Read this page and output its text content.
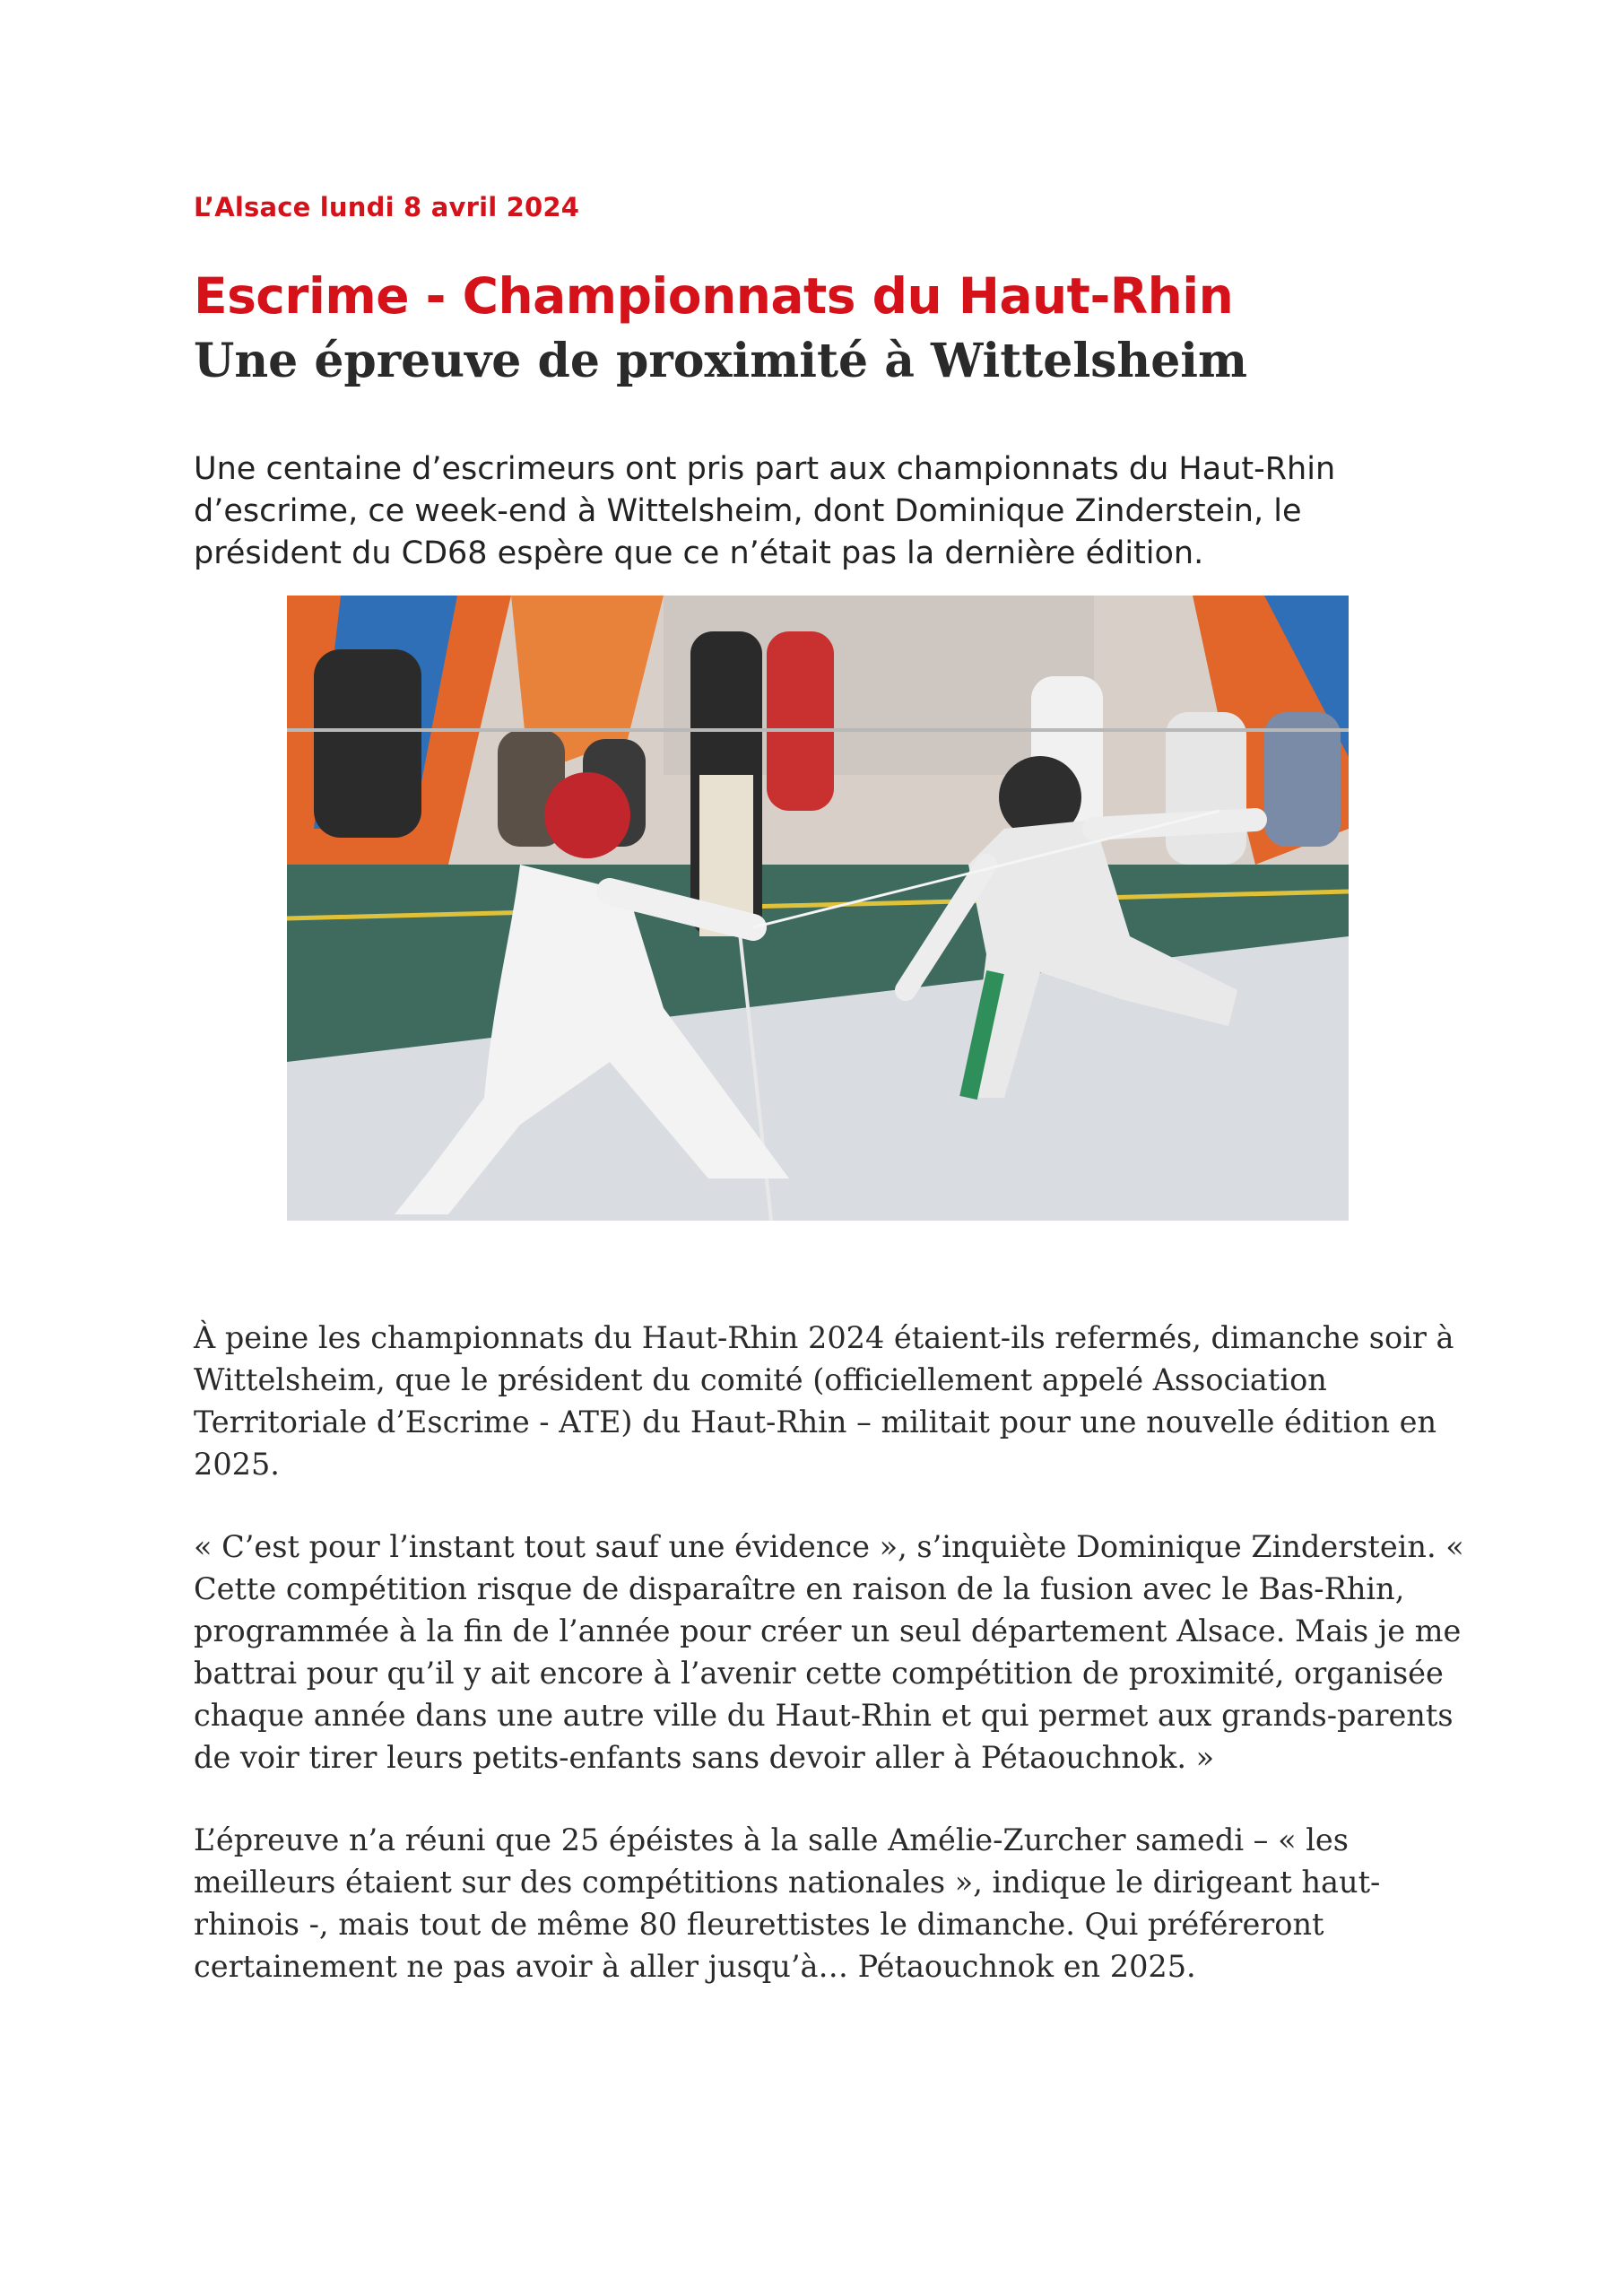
L’Alsace lundi 8 avril 2024

Escrime - Championnats du Haut-Rhin
Une épreuve de proximité à Wittelsheim

Une centaine d’escrimeurs ont pris part aux championnats du Haut-Rhin d’escrime, ce week-end à Wittelsheim, dont Dominique Zinderstein, le président du CD68 espère que ce n’était pas la dernière édition.

À peine les championnats du Haut-Rhin 2024 étaient-ils refermés, dimanche soir à Wittelsheim, que le président du comité (officiellement appelé Association Territoriale d’Escrime - ATE) du Haut-Rhin – militait pour une nouvelle édition en 2025.

« C’est pour l’instant tout sauf une évidence », s’inquiète Dominique Zinderstein. « Cette compétition risque de disparaître en raison de la fusion avec le Bas-Rhin, programmée à la fin de l’année pour créer un seul département Alsace. Mais je me battrai pour qu’il y ait encore à l’avenir cette compétition de proximité, organisée chaque année dans une autre ville du Haut-Rhin et qui permet aux grands-parents de voir tirer leurs petits-enfants sans devoir aller à Pétaouchnok. »

L’épreuve n’a réuni que 25 épéistes à la salle Amélie-Zurcher samedi – « les meilleurs étaient sur des compétitions nationales », indique le dirigeant haut-rhinois -, mais tout de même 80 fleurettistes le dimanche. Qui préféreront certainement ne pas avoir à aller jusqu’à… Pétaouchnok en 2025.
